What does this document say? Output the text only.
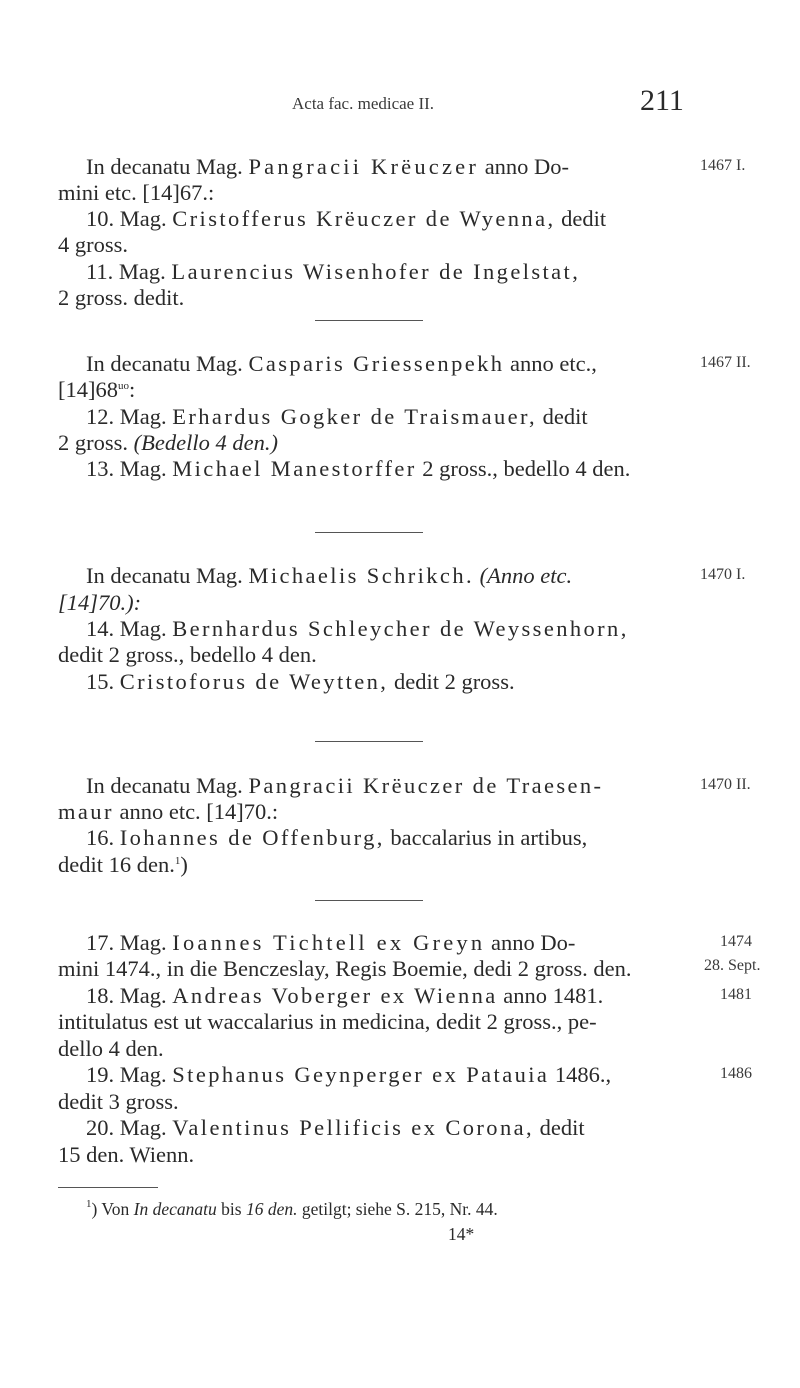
Acta fac. medicae II.	211
In decanatu Mag. Pangracii Krëuczer anno Do-	1467 I.
mini etc. [14]67.:
10. Mag. Cristofferus Krëuczer de Wyenna, dedit
4 gross.
11. Mag. Laurencius Wisenhofer de Ingelstat,
2 gross. dedit.
In decanatu Mag. Casparis Griessenpekh anno etc.,	1467 II.
$[14]68^{uo}$:
12. Mag. Erhardus Gogker de Traismauer, dedit
2 gross. (Bedello 4 den.)
13. Mag. Michael Manestorffer 2 gross., bedello 4 den.
In decanatu Mag. Michaelis Schrikch. (Anno etc.	1470 I.
[14]70.):
14. Mag. Bernhardus Schleycher de Weyssenhorn,
dedit 2 gross., bedello 4 den.
15. Cristoforus de Weytten, dedit 2 gross.
In decanatu Mag. Pangracii Krëuczer de Traesen-	1470 II.
maur anno etc. [14]70.:
16. Iohannes de Offenburg, baccalarius in artibus,
dedit 16 den.$^1$)
17. Mag. Ioannes Tichtell ex Greyn anno Do-	1474
mini 1474., in die Benczeslay, Regis Boemie, dedi 2 gross. den.	28. Sept.
18. Mag. Andreas Voberger ex Wienna anno 1481.	1481
intitulatus est ut waccalarius in medicina, dedit 2 gross., pe-
dello 4 den.
19. Mag. Stephanus Geynperger ex Patauia 1486.,	1486
dedit 3 gross.
20. Mag. Valentinus Pellificis ex Corona, dedit
15 den. Wienn.
$^1$) Von In decanatu bis 16 den. getilgt; siehe S. 215, Nr. 44.
14*
